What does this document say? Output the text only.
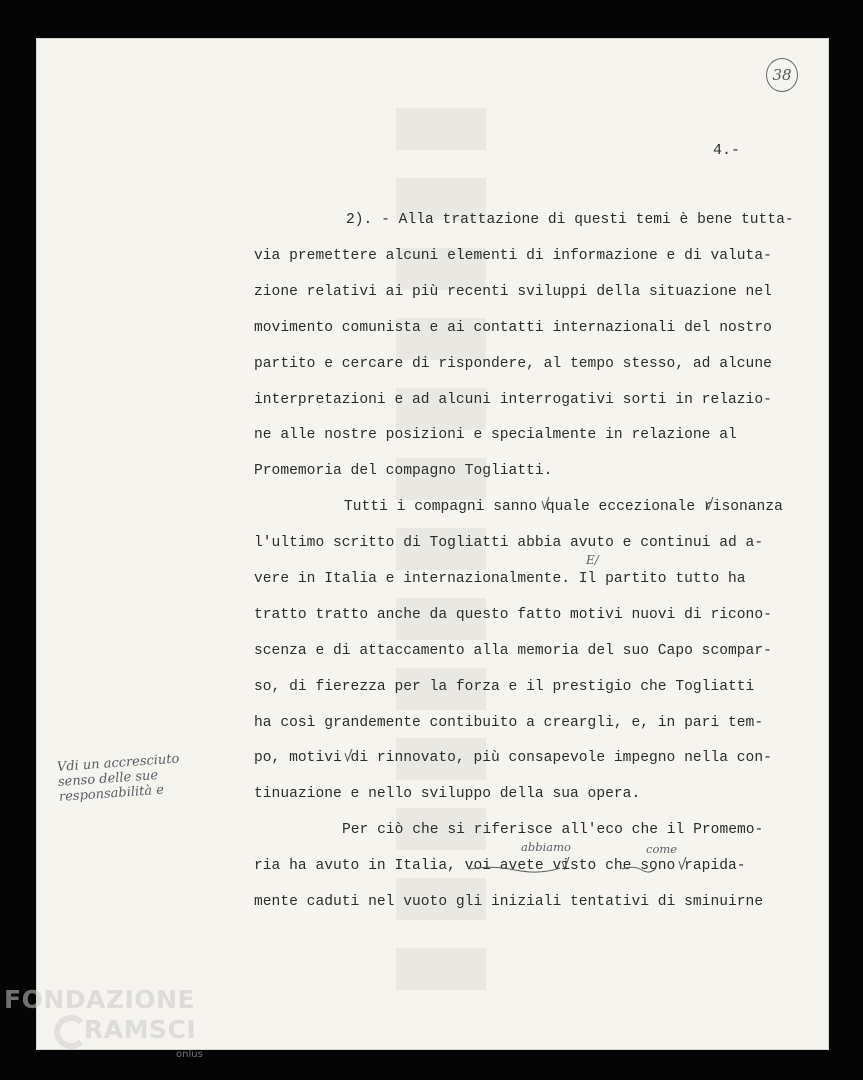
38
4.-
2). - Alla trattazione di questi temi è bene tutta-
via premettere alcuni elementi di informazione e di valuta-
zione relativi ai più recenti sviluppi della situazione nel
movimento comunista e ai contatti internazionali del nostro
partito e cercare di rispondere, al tempo stesso, ad alcune
interpretazioni e ad alcuni interrogativi sorti in relazio-
ne alle nostre posizioni e specialmente in relazione al
Promemoria del compagno Togliatti.
Tutti i compagni sanno quale eccezionale risonanza
l'ultimo scritto di Togliatti abbia avuto e continui ad a-
vere in Italia e internazionalmente. Il partito tutto ha
tratto tratto anche da questo fatto motivi nuovi di ricono-
scenza e di attaccamento alla memoria del suo Capo scompar-
so, di fierezza per la forza e il prestigio che Togliatti
ha così grandemente contibuito a creargli, e, in pari tem-
po, motivi di rinnovato, più consapevole impegno nella con-
tinuazione e nello sviluppo della sua opera.
Per ciò che si riferisce all'eco che il Promemo-
ria ha avuto in Italia, voi avete visto che sono rapida-
mente caduti nel vuoto gli iniziali tentativi di sminuirne
Vdi un accresciuto
senso delle sue
responsabilità e
E/
abbiamo	come
FONDAZIONE
RAMSCI
onlus
